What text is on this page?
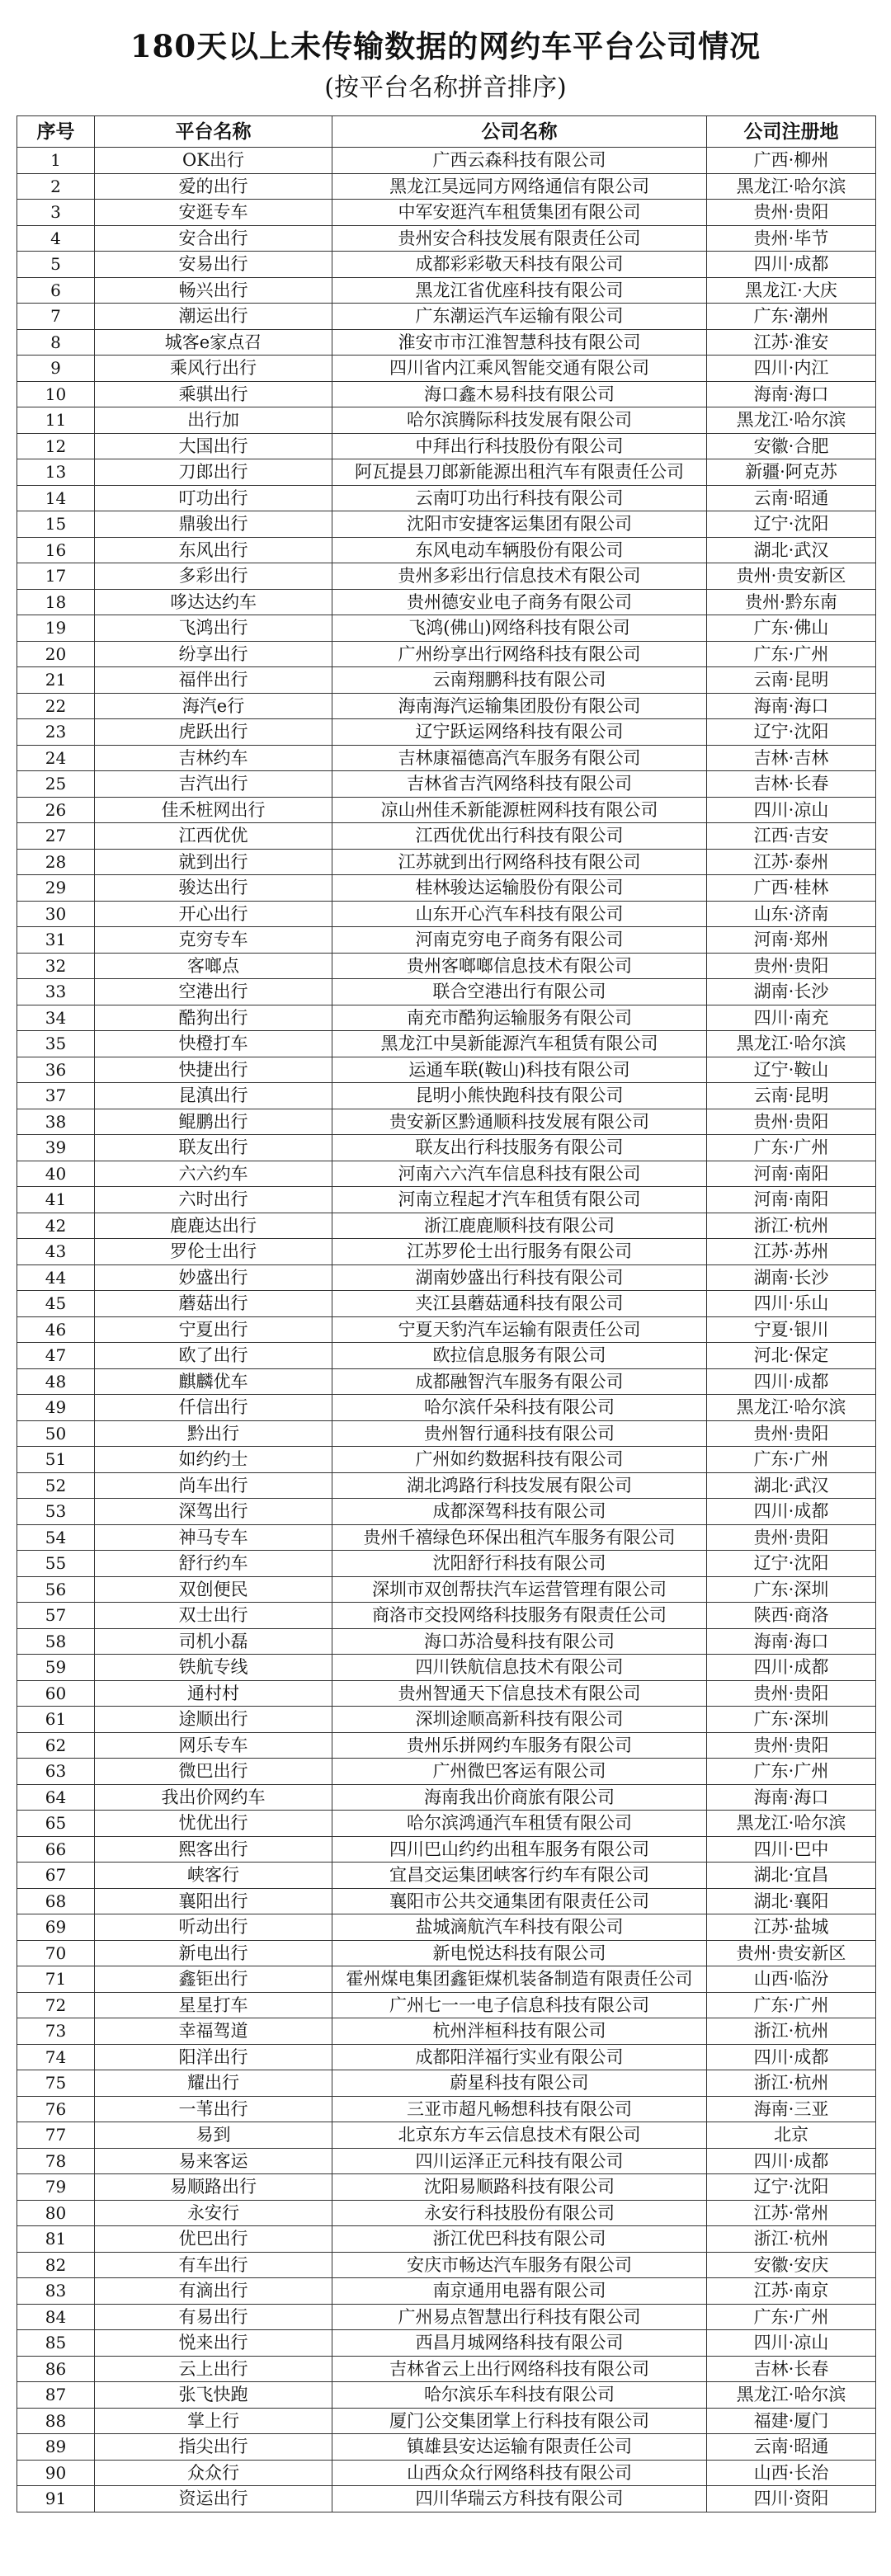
180天以上未传输数据的网约车平台公司情况
(按平台名称拼音排序)
序号	平台名称	公司名称	公司注册地
1	OK出行	广西云森科技有限公司	广西·柳州
2	爱的出行	黑龙江昊远同方网络通信有限公司	黑龙江·哈尔滨
3	安逛专车	中军安逛汽车租赁集团有限公司	贵州·贵阳
4	安合出行	贵州安合科技发展有限责任公司	贵州·毕节
5	安易出行	成都彩彩敬天科技有限公司	四川·成都
6	畅兴出行	黑龙江省优座科技有限公司	黑龙江·大庆
7	潮运出行	广东潮运汽车运输有限公司	广东·潮州
8	城客e家点召	淮安市市江淮智慧科技有限公司	江苏·淮安
9	乘风行出行	四川省内江乘风智能交通有限公司	四川·内江
10	乘骐出行	海口鑫木易科技有限公司	海南·海口
11	出行加	哈尔滨腾际科技发展有限公司	黑龙江·哈尔滨
12	大国出行	中拜出行科技股份有限公司	安徽·合肥
13	刀郎出行	阿瓦提县刀郎新能源出租汽车有限责任公司	新疆·阿克苏
14	叮功出行	云南叮功出行科技有限公司	云南·昭通
15	鼎骏出行	沈阳市安捷客运集团有限公司	辽宁·沈阳
16	东风出行	东风电动车辆股份有限公司	湖北·武汉
17	多彩出行	贵州多彩出行信息技术有限公司	贵州·贵安新区
18	哆达达约车	贵州德安业电子商务有限公司	贵州·黔东南
19	飞鸿出行	飞鸿(佛山)网络科技有限公司	广东·佛山
20	纷享出行	广州纷享出行网络科技有限公司	广东·广州
21	福伴出行	云南翔鹏科技有限公司	云南·昆明
22	海汽e行	海南海汽运输集团股份有限公司	海南·海口
23	虎跃出行	辽宁跃运网络科技有限公司	辽宁·沈阳
24	吉林约车	吉林康福德高汽车服务有限公司	吉林·吉林
25	吉汽出行	吉林省吉汽网络科技有限公司	吉林·长春
26	佳禾桩网出行	凉山州佳禾新能源桩网科技有限公司	四川·凉山
27	江西优优	江西优优出行科技有限公司	江西·吉安
28	就到出行	江苏就到出行网络科技有限公司	江苏·泰州
29	骏达出行	桂林骏达运输股份有限公司	广西·桂林
30	开心出行	山东开心汽车科技有限公司	山东·济南
31	克穷专车	河南克穷电子商务有限公司	河南·郑州
32	客啷点	贵州客啷啷信息技术有限公司	贵州·贵阳
33	空港出行	联合空港出行有限公司	湖南·长沙
34	酷狗出行	南充市酷狗运输服务有限公司	四川·南充
35	快橙打车	黑龙江中昊新能源汽车租赁有限公司	黑龙江·哈尔滨
36	快捷出行	运通车联(鞍山)科技有限公司	辽宁·鞍山
37	昆滇出行	昆明小熊快跑科技有限公司	云南·昆明
38	鲲鹏出行	贵安新区黔通顺科技发展有限公司	贵州·贵阳
39	联友出行	联友出行科技服务有限公司	广东·广州
40	六六约车	河南六六汽车信息科技有限公司	河南·南阳
41	六时出行	河南立程起才汽车租赁有限公司	河南·南阳
42	鹿鹿达出行	浙江鹿鹿顺科技有限公司	浙江·杭州
43	罗伦士出行	江苏罗伦士出行服务有限公司	江苏·苏州
44	妙盛出行	湖南妙盛出行科技有限公司	湖南·长沙
45	蘑菇出行	夹江县蘑菇通科技有限公司	四川·乐山
46	宁夏出行	宁夏天豹汽车运输有限责任公司	宁夏·银川
47	欧了出行	欧拉信息服务有限公司	河北·保定
48	麒麟优车	成都融智汽车服务有限公司	四川·成都
49	仟信出行	哈尔滨仟朵科技有限公司	黑龙江·哈尔滨
50	黔出行	贵州智行通科技有限公司	贵州·贵阳
51	如约约士	广州如约数据科技有限公司	广东·广州
52	尚车出行	湖北鸿路行科技发展有限公司	湖北·武汉
53	深驾出行	成都深驾科技有限公司	四川·成都
54	神马专车	贵州千禧绿色环保出租汽车服务有限公司	贵州·贵阳
55	舒行约车	沈阳舒行科技有限公司	辽宁·沈阳
56	双创便民	深圳市双创帮扶汽车运营管理有限公司	广东·深圳
57	双士出行	商洛市交投网络科技服务有限责任公司	陕西·商洛
58	司机小磊	海口苏洽曼科技有限公司	海南·海口
59	铁航专线	四川铁航信息技术有限公司	四川·成都
60	通村村	贵州智通天下信息技术有限公司	贵州·贵阳
61	途顺出行	深圳途顺高新科技有限公司	广东·深圳
62	网乐专车	贵州乐拼网约车服务有限公司	贵州·贵阳
63	微巴出行	广州微巴客运有限公司	广东·广州
64	我出价网约车	海南我出价商旅有限公司	海南·海口
65	忧优出行	哈尔滨鸿通汽车租赁有限公司	黑龙江·哈尔滨
66	熙客出行	四川巴山约约出租车服务有限公司	四川·巴中
67	峡客行	宜昌交运集团峡客行约车有限公司	湖北·宜昌
68	襄阳出行	襄阳市公共交通集团有限责任公司	湖北·襄阳
69	听动出行	盐城滴航汽车科技有限公司	江苏·盐城
70	新电出行	新电悦达科技有限公司	贵州·贵安新区
71	鑫钜出行	霍州煤电集团鑫钜煤机装备制造有限责任公司	山西·临汾
72	星星打车	广州七一一电子信息科技有限公司	广东·广州
73	幸福驾道	杭州泮桓科技有限公司	浙江·杭州
74	阳洋出行	成都阳洋福行实业有限公司	四川·成都
75	耀出行	蔚星科技有限公司	浙江·杭州
76	一苇出行	三亚市超凡畅想科技有限公司	海南·三亚
77	易到	北京东方车云信息技术有限公司	北京
78	易来客运	四川运泽正元科技有限公司	四川·成都
79	易顺路出行	沈阳易顺路科技有限公司	辽宁·沈阳
80	永安行	永安行科技股份有限公司	江苏·常州
81	优巴出行	浙江优巴科技有限公司	浙江·杭州
82	有车出行	安庆市畅达汽车服务有限公司	安徽·安庆
83	有滴出行	南京通用电器有限公司	江苏·南京
84	有易出行	广州易点智慧出行科技有限公司	广东·广州
85	悦来出行	西昌月城网络科技有限公司	四川·凉山
86	云上出行	吉林省云上出行网络科技有限公司	吉林·长春
87	张飞快跑	哈尔滨乐车科技有限公司	黑龙江·哈尔滨
88	掌上行	厦门公交集团掌上行科技有限公司	福建·厦门
89	指尖出行	镇雄县安达运输有限责任公司	云南·昭通
90	众众行	山西众众行网络科技有限公司	山西·长治
91	资运出行	四川华瑞云方科技有限公司	四川·资阳
